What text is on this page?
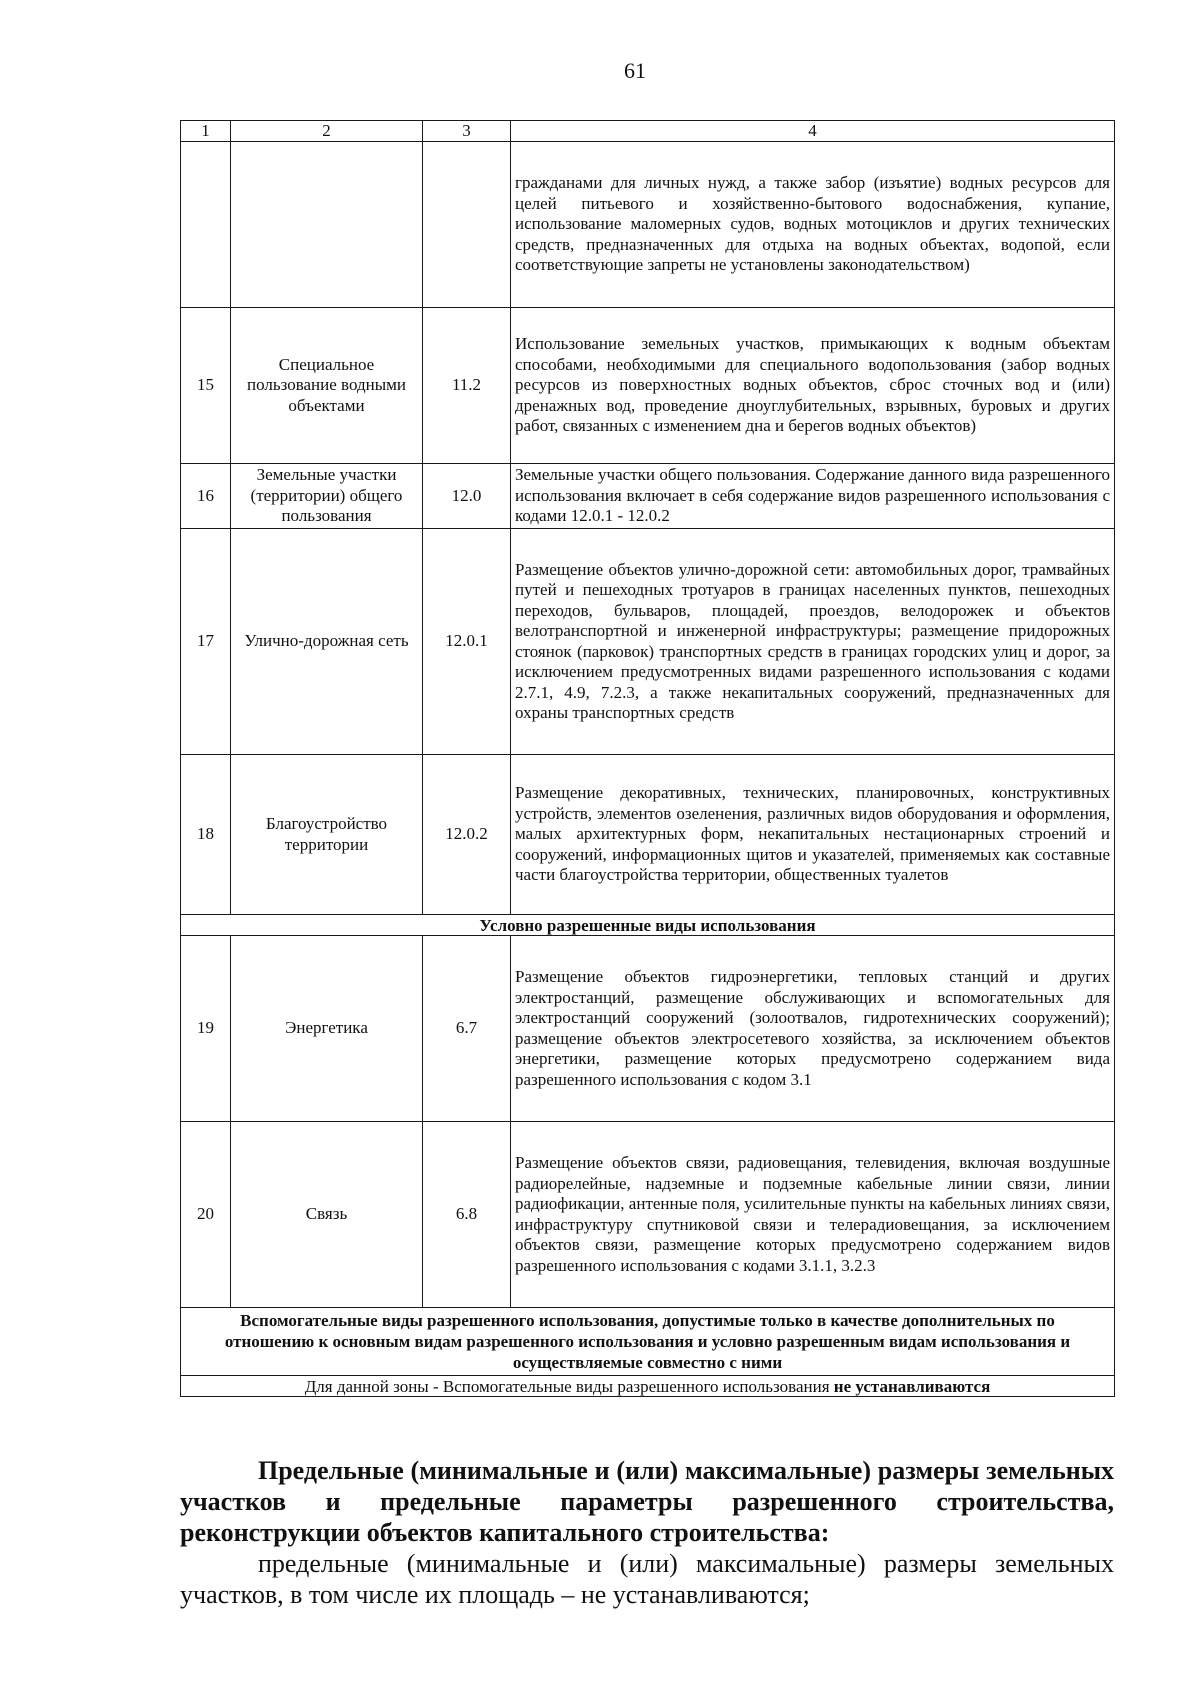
61
1	2	3	4
			гражданами для личных нужд, а также забор (изъятие) водных ресурсов для целей питьевого и хозяйственно-бытового водоснабжения, купание, использование маломерных судов, водных мотоциклов и других технических средств, предназначенных для отдыха на водных объектах, водопой, если соответствующие запреты не установлены законодательством)
15	Специальное пользование водными объектами	11.2	Использование земельных участков, примыкающих к водным объектам способами, необходимыми для специального водопользования (забор водных ресурсов из поверхностных водных объектов, сброс сточных вод и (или) дренажных вод, проведение дноуглубительных, взрывных, буровых и других работ, связанных с изменением дна и берегов водных объектов)
16	Земельные участки (территории) общего пользования	12.0	Земельные участки общего пользования. Содержание данного вида разрешенного использования включает в себя содержание видов разрешенного использования с кодами 12.0.1 - 12.0.2
17	Улично-дорожная сеть	12.0.1	Размещение объектов улично-дорожной сети: автомобильных дорог, трамвайных путей и пешеходных тротуаров в границах населенных пунктов, пешеходных переходов, бульваров, площадей, проездов, велодорожек и объектов велотранспортной и инженерной инфраструктуры; размещение придорожных стоянок (парковок) транспортных средств в границах городских улиц и дорог, за исключением предусмотренных видами разрешенного использования с кодами 2.7.1, 4.9, 7.2.3, а также некапитальных сооружений, предназначенных для охраны транспортных средств
18	Благоустройство территории	12.0.2	Размещение декоративных, технических, планировочных, конструктивных устройств, элементов озеленения, различных видов оборудования и оформления, малых архитектурных форм, некапитальных нестационарных строений и сооружений, информационных щитов и указателей, применяемых как составные части благоустройства территории, общественных туалетов
Условно разрешенные виды использования			
19	Энергетика	6.7	Размещение объектов гидроэнергетики, тепловых станций и других электростанций, размещение обслуживающих и вспомогательных для электростанций сооружений (золоотвалов, гидротехнических сооружений); размещение объектов электросетевого хозяйства, за исключением объектов энергетики, размещение которых предусмотрено содержанием вида разрешенного использования с кодом 3.1
20	Связь	6.8	Размещение объектов связи, радиовещания, телевидения, включая воздушные радиорелейные, надземные и подземные кабельные линии связи, линии радиофикации, антенные поля, усилительные пункты на кабельных линиях связи, инфраструктуру спутниковой связи и телерадиовещания, за исключением объектов связи, размещение которых предусмотрено содержанием видов разрешенного использования с кодами 3.1.1, 3.2.3
Вспомогательные виды разрешенного использования, допустимые только в качестве дополнительных по отношению к основным видам разрешенного использования и условно разрешенным видам использования и осуществляемые совместно с ними			
Для данной зоны - Вспомогательные виды разрешенного использования не устанавливаются			

Предельные (минимальные и (или) максимальные) размеры земельных участков и предельные параметры разрешенного строительства, реконструкции объектов капитального строительства:

предельные (минимальные и (или) максимальные) размеры земельных участков, в том числе их площадь – не устанавливаются;
